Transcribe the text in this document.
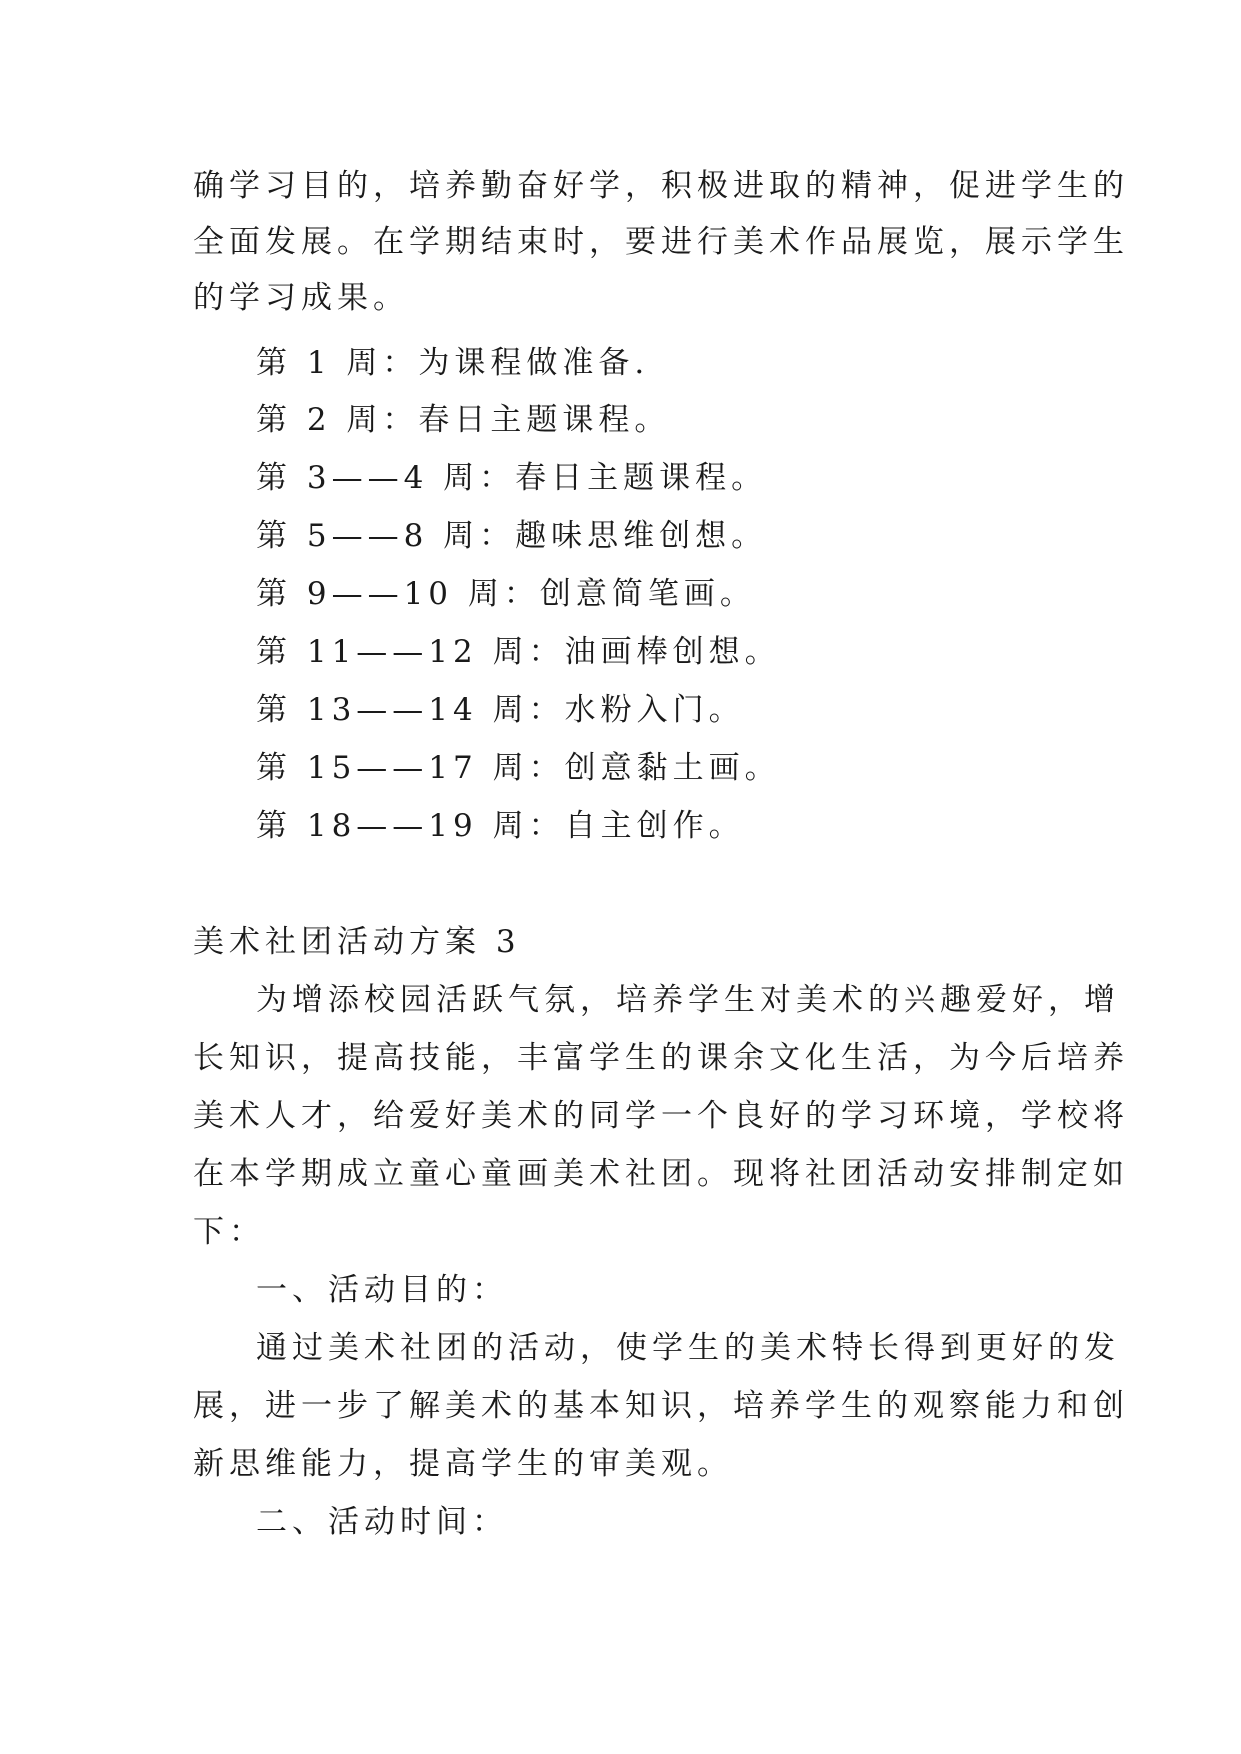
确学习目的，培养勤奋好学，积极进取的精神，促进学生的
全面发展。在学期结束时，要进行美术作品展览，展示学生
的学习成果。
第 1 周：为课程做准备.
第 2 周：春日主题课程。
第 3——4 周：春日主题课程。
第 5——8 周：趣味思维创想。
第 9——10 周：创意简笔画。
第 11——12 周：油画棒创想。
第 13——14 周：水粉入门。
第 15——17 周：创意黏土画。
第 18——19 周：自主创作。
美术社团活动方案 3
为增添校园活跃气氛，培养学生对美术的兴趣爱好，增
长知识，提高技能，丰富学生的课余文化生活，为今后培养
美术人才，给爱好美术的同学一个良好的学习环境，学校将
在本学期成立童心童画美术社团。现将社团活动安排制定如
下：
一、活动目的：
通过美术社团的活动，使学生的美术特长得到更好的发
展，进一步了解美术的基本知识，培养学生的观察能力和创
新思维能力，提高学生的审美观。
二、活动时间：
